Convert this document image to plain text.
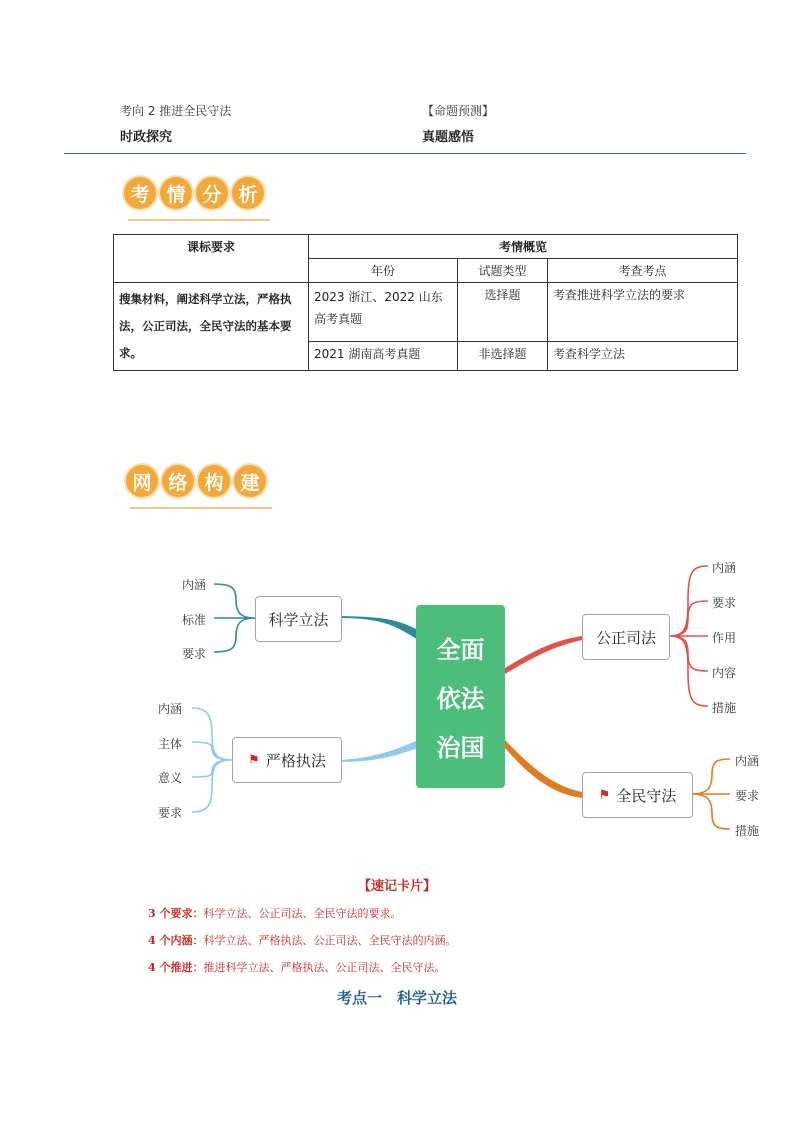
考向 2 推进全民守法	【命题预测】
时政探究	真题感悟
考 情 分 析
课标要求	考情概览		
	年份	试题类型	考查考点
搜集材料，阐述科学立法，严格执法，公正司法，全民守法的基本要求。	2023 浙江、2022 山东高考真题	选择题	考查推进科学立法的要求
	2021 湖南高考真题	非选择题	考查科学立法
网 络 构 建
全面
依法
治国
科学立法
内涵
标准
要求
⚑ 严格执法
内涵
主体
意义
要求
公正司法
内涵
要求
作用
内容
措施
⚑ 全民守法
内涵
要求
措施
【速记卡片】
3 个要求：科学立法、公正司法、全民守法的要求。
4 个内涵：科学立法、严格执法、公正司法、全民守法的内涵。
4 个推进：推进科学立法、严格执法、公正司法、全民守法。
考点一　科学立法
